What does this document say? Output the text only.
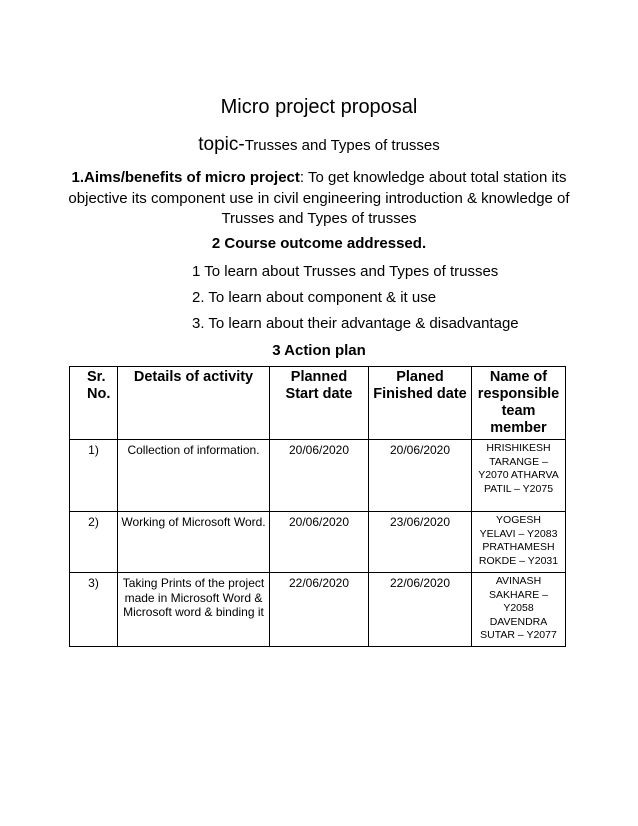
Micro project proposal
topic-Trusses and Types of trusses
1.Aims/benefits of micro project: To get knowledge about total station its objective its component use in civil engineering introduction & knowledge of Trusses and Types of trusses
2 Course outcome addressed.
1 To learn about Trusses and Types of trusses
2. To learn about component & it use
3. To learn about their advantage & disadvantage
3 Action plan
Sr. No.	Details of activity	Planned Start date	Planed Finished date	Name of responsible team member
1)	Collection of information.	20/06/2020	20/06/2020	HRISHIKESH TARANGE – Y2070 ATHARVA PATIL – Y2075
2)	Working of Microsoft Word.	20/06/2020	23/06/2020	YOGESH YELAVI – Y2083 PRATHAMESH ROKDE – Y2031
3)	Taking Prints of the project made in Microsoft Word & Microsoft word & binding it	22/06/2020	22/06/2020	AVINASH SAKHARE – Y2058 DAVENDRA SUTAR – Y2077
